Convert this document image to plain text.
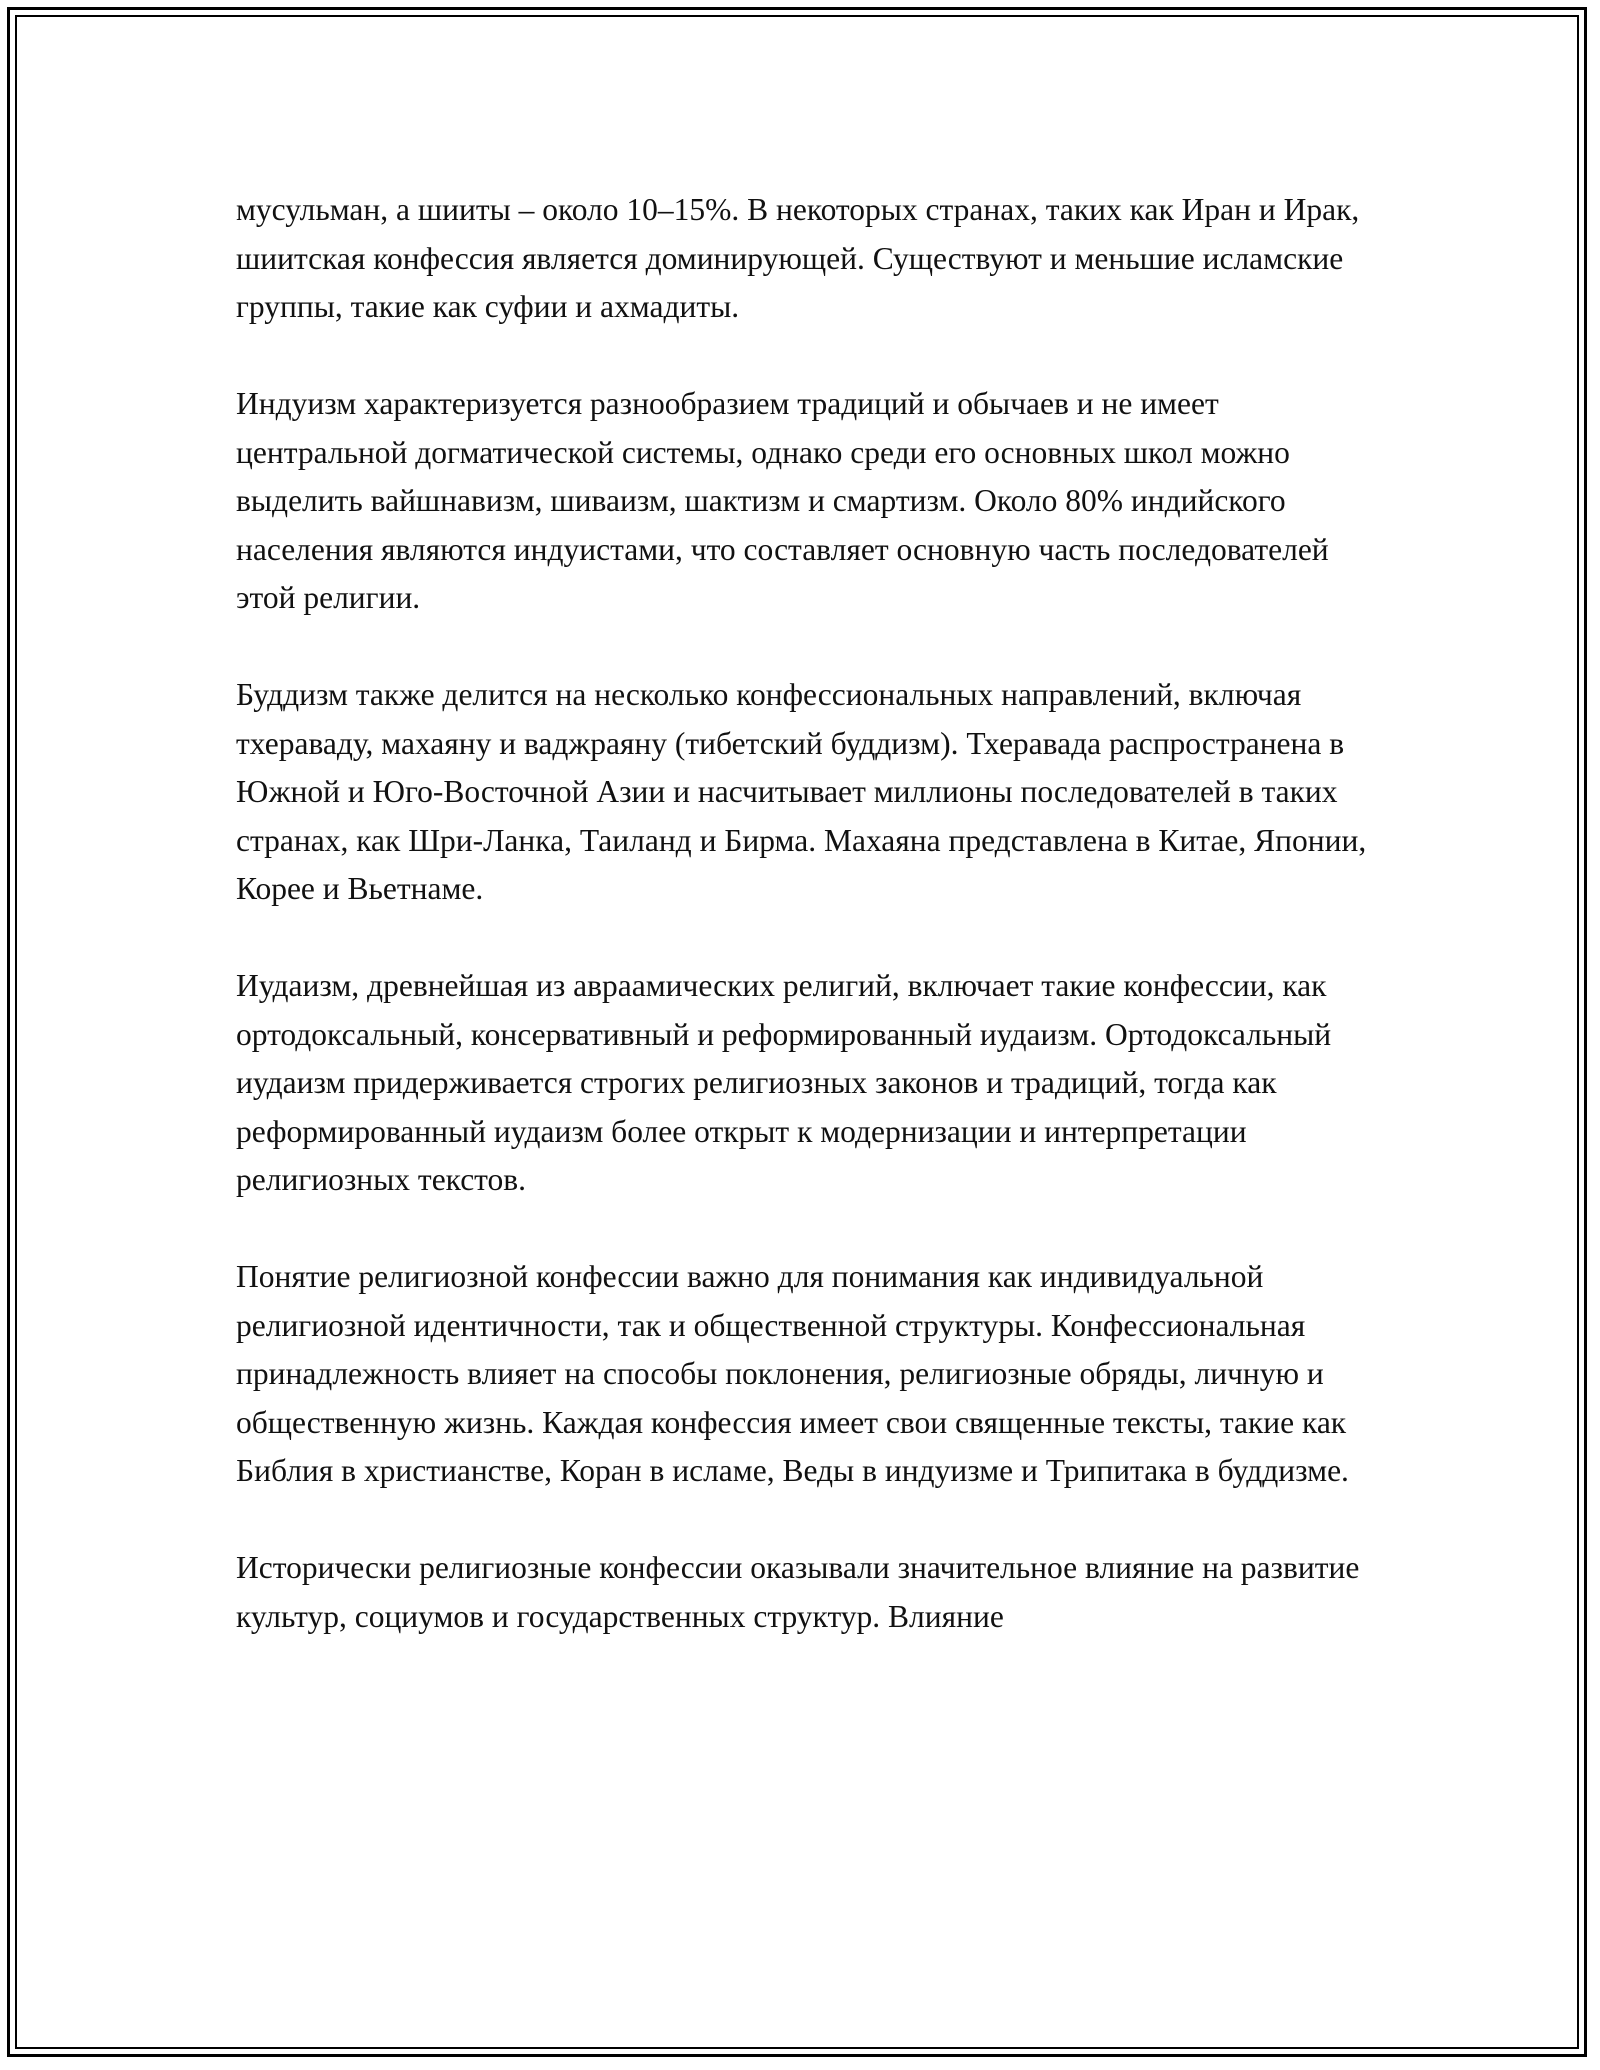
мусульман, а шииты – около 10–15%. В некоторых странах, таких как Иран и Ирак, шиитская конфессия является доминирующей. Существуют и меньшие исламские группы, такие как суфии и ахмадиты.

Индуизм характеризуется разнообразием традиций и обычаев и не имеет центральной догматической системы, однако среди его основных школ можно выделить вайшнавизм, шиваизм, шактизм и смартизм. Около 80% индийского населения являются индуистами, что составляет основную часть последователей этой религии.

Буддизм также делится на несколько конфессиональных направлений, включая тхераваду, махаяну и ваджраяну (тибетский буддизм). Тхеравада распространена в Южной и Юго-Восточной Азии и насчитывает миллионы последователей в таких странах, как Шри-Ланка, Таиланд и Бирма. Махаяна представлена в Китае, Японии, Корее и Вьетнаме.

Иудаизм, древнейшая из авраамических религий, включает такие конфессии, как ортодоксальный, консервативный и реформированный иудаизм. Ортодоксальный иудаизм придерживается строгих религиозных законов и традиций, тогда как реформированный иудаизм более открыт к модернизации и интерпретации религиозных текстов.

Понятие религиозной конфессии важно для понимания как индивидуальной религиозной идентичности, так и общественной структуры. Конфессиональная принадлежность влияет на способы поклонения, религиозные обряды, личную и общественную жизнь. Каждая конфессия имеет свои священные тексты, такие как Библия в христианстве, Коран в исламе, Веды в индуизме и Трипитака в буддизме.

Исторически религиозные конфессии оказывали значительное влияние на развитие культур, социумов и государственных структур. Влияние
